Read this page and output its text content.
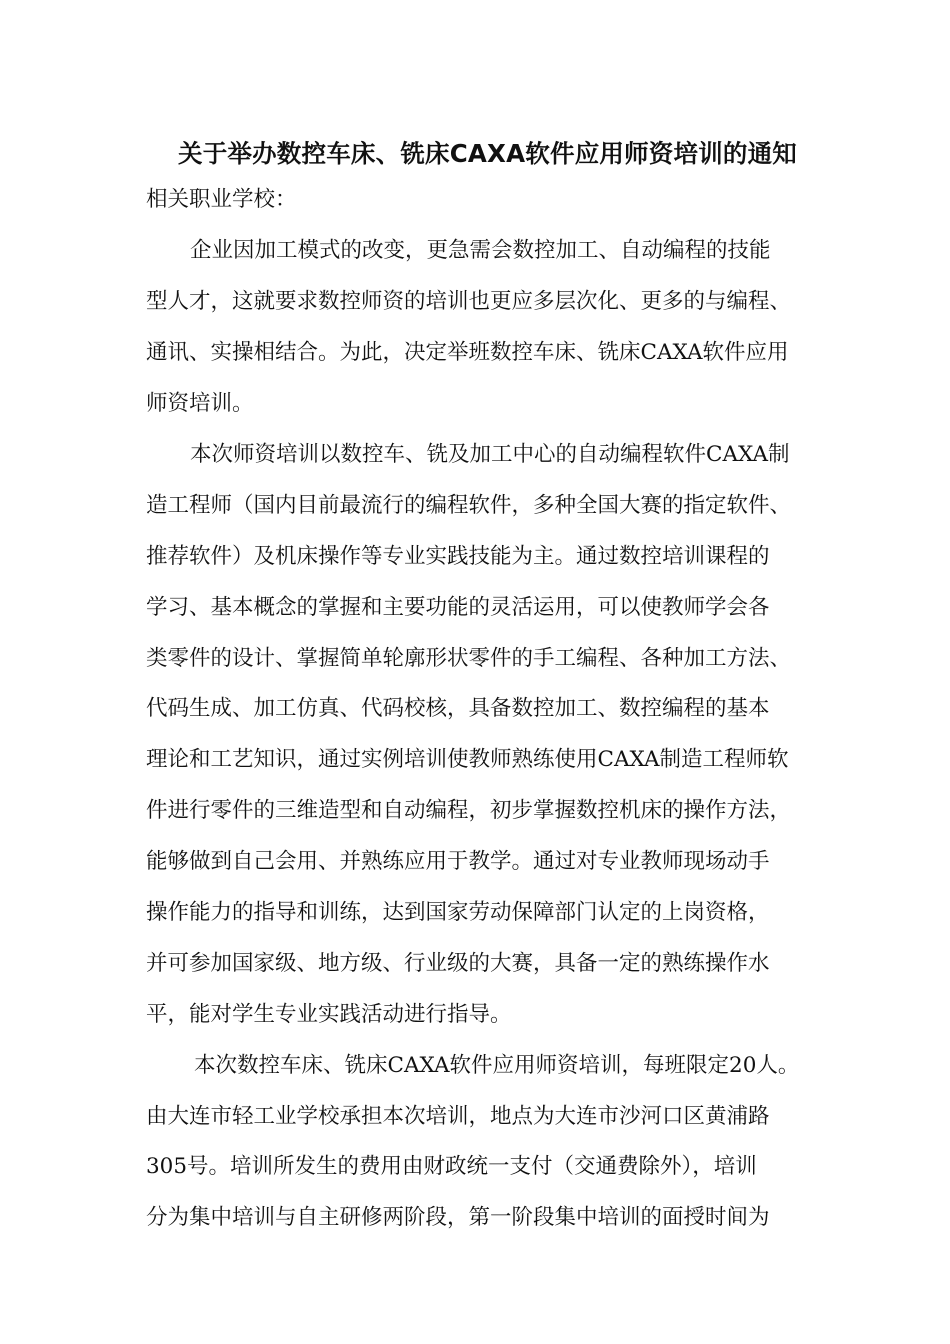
关于举办数控车床、铣床CAXA软件应用师资培训的通知
相关职业学校：
企业因加工模式的改变，更急需会数控加工、自动编程的技能
型人才，这就要求数控师资的培训也更应多层次化、更多的与编程、
通讯、实操相结合。为此，决定举班数控车床、铣床CAXA软件应用
师资培训。
本次师资培训以数控车、铣及加工中心的自动编程软件CAXA制
造工程师（国内目前最流行的编程软件，多种全国大赛的指定软件、
推荐软件）及机床操作等专业实践技能为主。通过数控培训课程的
学习、基本概念的掌握和主要功能的灵活运用，可以使教师学会各
类零件的设计、掌握简单轮廓形状零件的手工编程、各种加工方法、
代码生成、加工仿真、代码校核，具备数控加工、数控编程的基本
理论和工艺知识，通过实例培训使教师熟练使用CAXA制造工程师软
件进行零件的三维造型和自动编程，初步掌握数控机床的操作方法，
能够做到自己会用、并熟练应用于教学。通过对专业教师现场动手
操作能力的指导和训练，达到国家劳动保障部门认定的上岗资格，
并可参加国家级、地方级、行业级的大赛，具备一定的熟练操作水
平，能对学生专业实践活动进行指导。
本次数控车床、铣床CAXA软件应用师资培训，每班限定20人。
由大连市轻工业学校承担本次培训，地点为大连市沙河口区黄浦路
305号。培训所发生的费用由财政统一支付（交通费除外），培训
分为集中培训与自主研修两阶段，第一阶段集中培训的面授时间为
